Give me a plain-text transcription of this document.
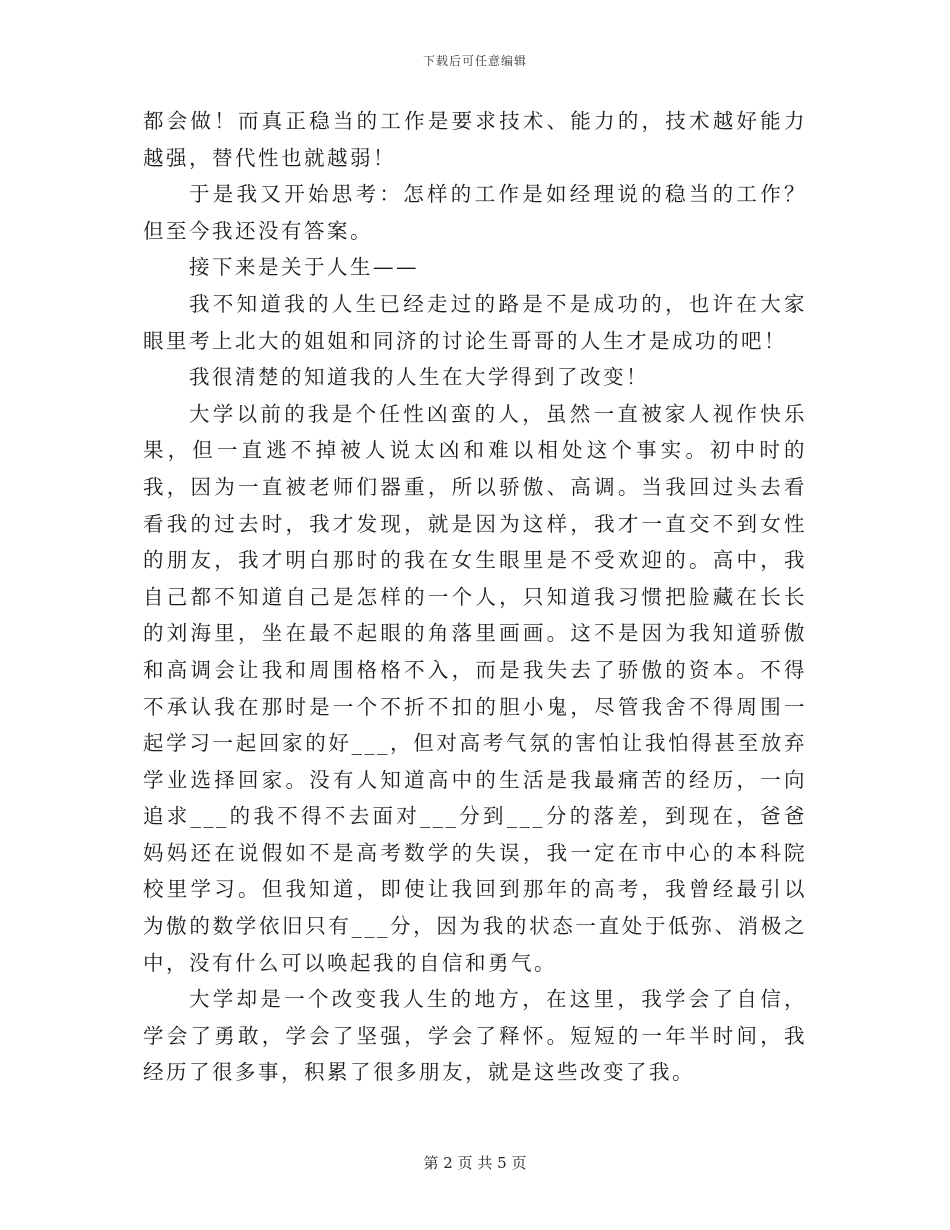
下载后可任意编辑

都会做！而真正稳当的工作是要求技术、能力的，技术越好能力越强，替代性也就越弱！

于是我又开始思考：怎样的工作是如经理说的稳当的工作？但至今我还没有答案。

接下来是关于人生——

我不知道我的人生已经走过的路是不是成功的，也许在大家眼里考上北大的姐姐和同济的讨论生哥哥的人生才是成功的吧！

我很清楚的知道我的人生在大学得到了改变！

大学以前的我是个任性凶蛮的人，虽然一直被家人视作快乐果，但一直逃不掉被人说太凶和难以相处这个事实。初中时的我，因为一直被老师们器重，所以骄傲、高调。当我回过头去看看我的过去时，我才发现，就是因为这样，我才一直交不到女性的朋友，我才明白那时的我在女生眼里是不受欢迎的。高中，我自己都不知道自己是怎样的一个人，只知道我习惯把脸藏在长长的刘海里，坐在最不起眼的角落里画画。这不是因为我知道骄傲和高调会让我和周围格格不入，而是我失去了骄傲的资本。不得不承认我在那时是一个不折不扣的胆小鬼，尽管我舍不得周围一起学习一起回家的好___，但对高考气氛的害怕让我怕得甚至放弃学业选择回家。没有人知道高中的生活是我最痛苦的经历，一向追求___的我不得不去面对___分到___分的落差，到现在，爸爸妈妈还在说假如不是高考数学的失误，我一定在市中心的本科院校里学习。但我知道，即使让我回到那年的高考，我曾经最引以为傲的数学依旧只有___分，因为我的状态一直处于低弥、消极之中，没有什么可以唤起我的自信和勇气。

大学却是一个改变我人生的地方，在这里，我学会了自信，学会了勇敢，学会了坚强，学会了释怀。短短的一年半时间，我经历了很多事，积累了很多朋友，就是这些改变了我。

第 2 页 共 5 页
